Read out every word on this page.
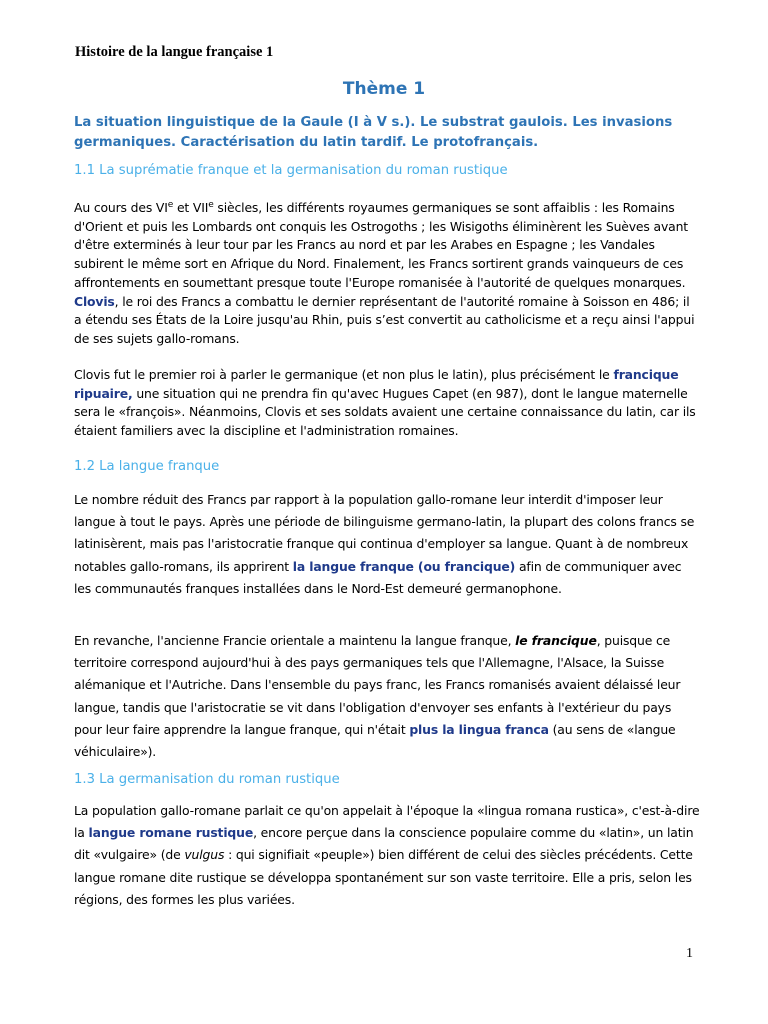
Histoire de la langue française 1
Thème 1
La situation linguistique de la Gaule (I à V s.). Le substrat gaulois. Les invasions germaniques. Caractérisation du latin tardif. Le protofrançais.
1.1 La suprématie franque et la germanisation du roman rustique

Au cours des VIe et VIIe siècles, les différents royaumes germaniques se sont affaiblis : les Romains d'Orient et puis les Lombards ont conquis les Ostrogoths ; les Wisigoths éliminèrent les Suèves avant d'être exterminés à leur tour par les Francs au nord et par les Arabes en Espagne ; les Vandales subirent le même sort en Afrique du Nord. Finalement, les Francs sortirent grands vainqueurs de ces affrontements en soumettant presque toute l'Europe romanisée à l'autorité de quelques monarques. Clovis, le roi des Francs a combattu le dernier représentant de l'autorité romaine à Soisson en 486; il a étendu ses États de la Loire jusqu'au Rhin, puis s’est convertit au catholicisme et a reçu ainsi l'appui de ses sujets gallo-romans.

Clovis fut le premier roi à parler le germanique (et non plus le latin), plus précisément le francique ripuaire, une situation qui ne prendra fin qu'avec Hugues Capet (en 987), dont le langue maternelle sera le «françois». Néanmoins, Clovis et ses soldats avaient une certaine connaissance du latin, car ils étaient familiers avec la discipline et l'administration romaines.

1.2 La langue franque

Le nombre réduit des Francs par rapport à la population gallo-romane leur interdit d'imposer leur langue à tout le pays. Après une période de bilinguisme germano-latin, la plupart des colons francs se latinisèrent, mais pas l'aristocratie franque qui continua d'employer sa langue. Quant à de nombreux notables gallo-romans, ils apprirent la langue franque (ou francique) afin de communiquer avec les communautés franques installées dans le Nord-Est demeuré germanophone.

En revanche, l'ancienne Francie orientale a maintenu la langue franque, le francique, puisque ce territoire correspond aujourd'hui à des pays germaniques tels que l'Allemagne, l'Alsace, la Suisse alémanique et l'Autriche. Dans l'ensemble du pays franc, les Francs romanisés avaient délaissé leur langue, tandis que l'aristocratie se vit dans l'obligation d'envoyer ses enfants à l'extérieur du pays pour leur faire apprendre la langue franque, qui n'était plus la lingua franca (au sens de «langue véhiculaire»).

1.3 La germanisation du roman rustique

La population gallo-romane parlait ce qu'on appelait à l'époque la «lingua romana rustica», c'est-à-dire la langue romane rustique, encore perçue dans la conscience populaire comme du «latin», un latin dit «vulgaire» (de vulgus : qui signifiait «peuple») bien différent de celui des siècles précédents. Cette langue romane dite rustique se développa spontanément sur son vaste territoire. Elle a pris, selon les régions, des formes les plus variées.

1
